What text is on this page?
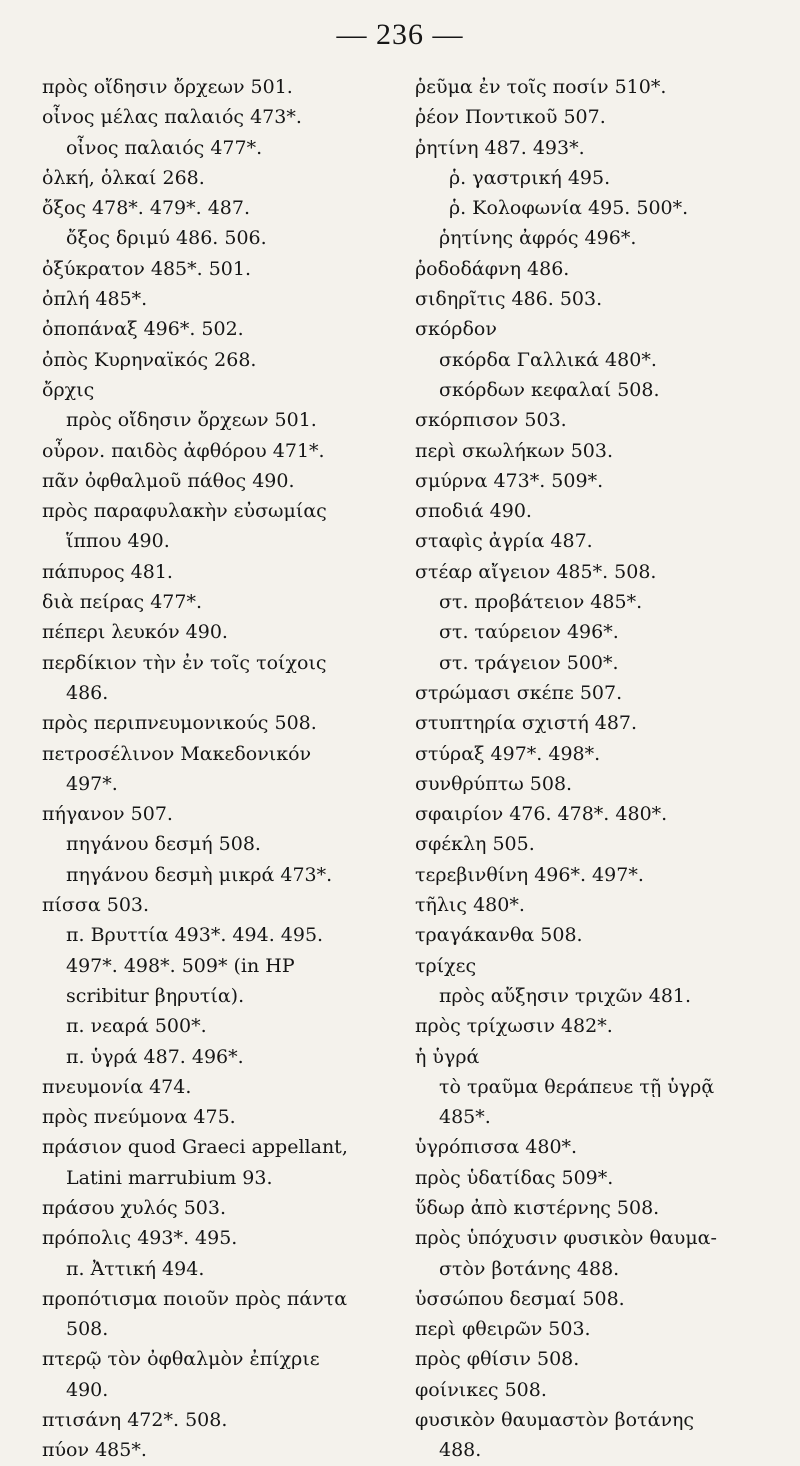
— 236 —
πρὸς οἴδησιν ὄρχεων 501.
οἶνος μέλας παλαιός 473*.
οἶνος παλαιός 477*.
ὁλκή, ὁλκαί 268.
ὄξος 478*. 479*. 487.
ὄξος δριμύ 486. 506.
ὀξύκρατον 485*. 501.
ὀπλή 485*.
ὀποπάναξ 496*. 502.
ὀπὸς Κυρηναϊκός 268.
ὄρχις
πρὸς οἴδησιν ὄρχεων 501.
οὖρον. παιδὸς ἀφθόρου 471*.
πᾶν ὀφθαλμοῦ πάθος 490.
πρὸς παραφυλακὴν εὐσωμίας
ἵππου 490.
πάπυρος 481.
διὰ πείρας 477*.
πέπερι λευκόν 490.
περδίκιον τὴν ἐν τοῖς τοίχοις
486.
πρὸς περιπνευμονικούς 508.
πετροσέλινον Μακεδονικόν
497*.
πήγανον 507.
πηγάνου δεσμή 508.
πηγάνου δεσμὴ μικρά 473*.
πίσσα 503.
π. Βρυττία 493*. 494. 495.
497*. 498*. 509* (in HP
scribitur βηρυτία).
π. νεαρά 500*.
π. ὑγρά 487. 496*.
πνευμονία 474.
πρὸς πνεύμονα 475.
πράσιον quod Graeci appellant,
Latini marrubium 93.
πράσου χυλός 503.
πρόπολις 493*. 495.
π. Ἀττική 494.
προπότισμα ποιοῦν πρὸς πάντα
508.
πτερῷ τὸν ὀφθαλμὸν ἐπίχριε
490.
πτισάνη 472*. 508.
πύον 485*.
ῥεῦμα ἐν τοῖς ποσίν 510*.
ῥέον Ποντικοῦ 507.
ῥητίνη 487. 493*.
ῥ. γαστρική 495.
ῥ. Κολοφωνία 495. 500*.
ῥητίνης ἀφρός 496*.
ῥοδοδάφνη 486.
σιδηρῖτις 486. 503.
σκόρδον
σκόρδα Γαλλικά 480*.
σκόρδων κεφαλαί 508.
σκόρπισον 503.
περὶ σκωλήκων 503.
σμύρνα 473*. 509*.
σποδιά 490.
σταφὶς ἀγρία 487.
στέαρ αἴγειον 485*. 508.
στ. προβάτειον 485*.
στ. ταύρειον 496*.
στ. τράγειον 500*.
στρώμασι σκέπε 507.
στυπτηρία σχιστή 487.
στύραξ 497*. 498*.
συνθρύπτω 508.
σφαιρίον 476. 478*. 480*.
σφέκλη 505.
τερεβινθίνη 496*. 497*.
τῆλις 480*.
τραγάκανθα 508.
τρίχες
πρὸς αὔξησιν τριχῶν 481.
πρὸς τρίχωσιν 482*.
ἡ ὑγρά
τὸ τραῦμα θεράπευε τῇ ὑγρᾷ
485*.
ὑγρόπισσα 480*.
πρὸς ὑδατίδας 509*.
ὕδωρ ἀπὸ κιστέρνης 508.
πρὸς ὑπόχυσιν φυσικὸν θαυμα-
στὸν βοτάνης 488.
ὑσσώπου δεσμαί 508.
περὶ φθειρῶν 503.
πρὸς φθίσιν 508.
φοίνικες 508.
φυσικὸν θαυμαστὸν βοτάνης
488.
